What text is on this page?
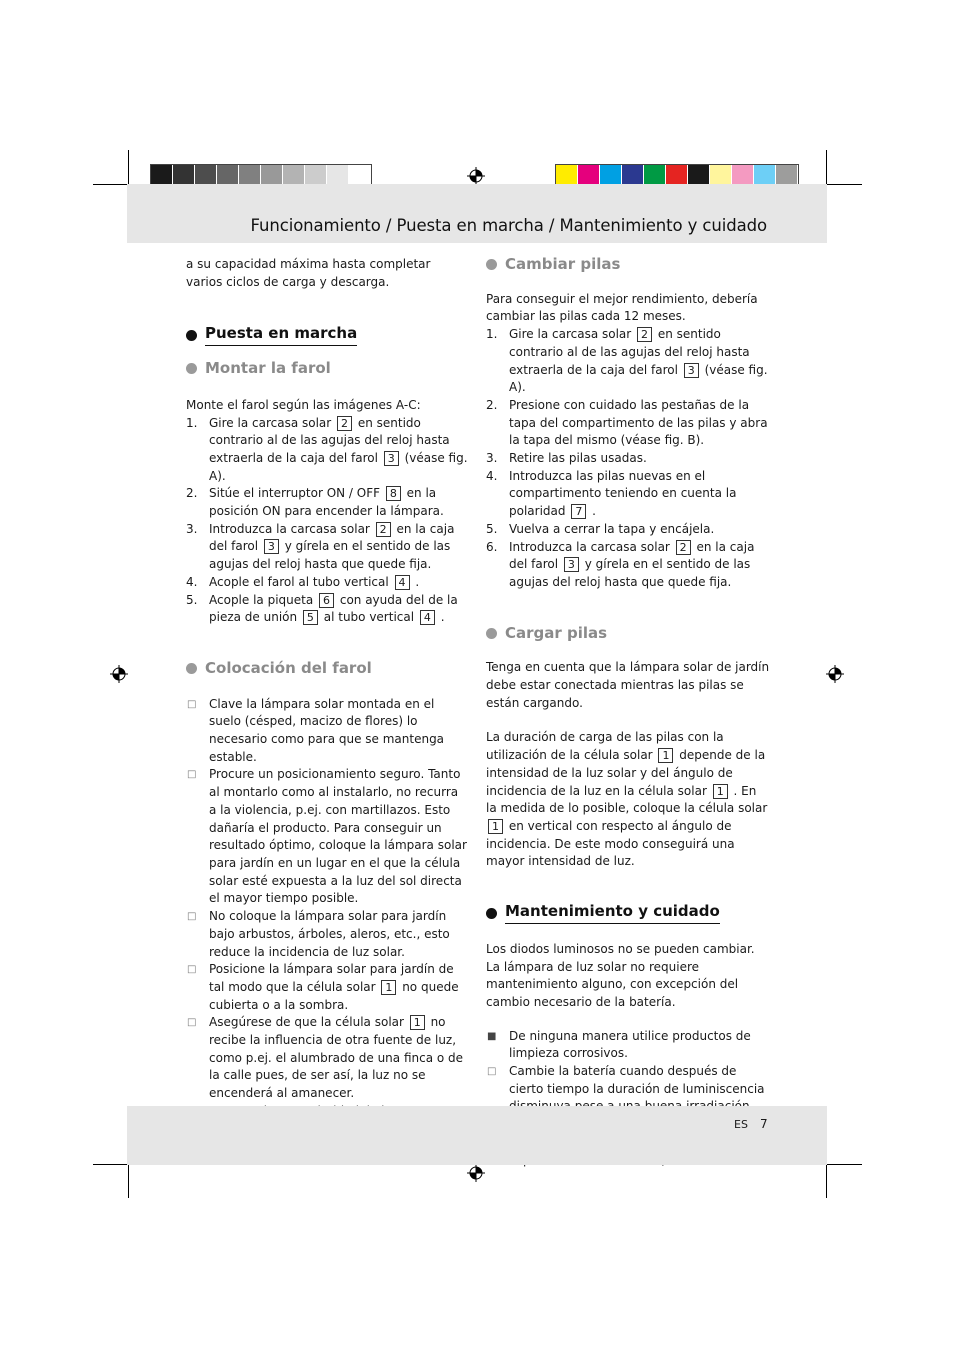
Funcionamiento / Puesta en marcha / Mantenimiento y cuidado

a su capacidad máxima hasta completar varios ciclos de carga y descarga.

Puesta en marcha
Montar la farol

Monte el farol según las imágenes A-C:

1. Gire la carcasa solar 2 en sentido contrario al de las agujas del reloj hasta extraerla de la caja del farol 3 (véase fig. A).
2. Sitúe el interruptor ON / OFF 8 en la posición ON para encender la lámpara.
3. Introduzca la carcasa solar 2 en la caja del farol 3 y gírela en el sentido de las agujas del reloj hasta que quede fija.
4. Acople el farol al tubo vertical 4 .
5. Acople la piqueta 6 con ayuda del de la pieza de unión 5 al tubo vertical 4 .
Colocación del farol
□ Clave la lámpara solar montada en el suelo (césped, macizo de flores) lo necesario como para que se mantenga estable.
□ Procure un posicionamiento seguro. Tanto al montarlo como al instalarlo, no recurra a la violencia, p.ej. con martillazos. Esto dañaría el producto. Para conseguir un resultado óptimo, coloque la lámpara solar para jardín en un lugar en el que la célula solar esté expuesta a la luz del sol directa el mayor tiempo posible.
□ No coloque la lámpara solar para jardín bajo arbustos, árboles, aleros, etc., esto reduce la incidencia de luz solar.
□ Posicione la lámpara solar para jardín de tal modo que la célula solar 1 no quede cubierta o a la sombra.
□ Asegúrese de que la célula solar 1 no recibe la influencia de otra fuente de luz, como p.ej. el alumbrado de una finca o de la calle pues, de ser así, la luz no se encenderá al amanecer.
Cambiar pilas

Para conseguir el mejor rendimiento, debería cambiar las pilas cada 12 meses.

1. Gire la carcasa solar 2 en sentido contrario al de las agujas del reloj hasta extraerla de la caja del farol 3 (véase fig. A).
2. Presione con cuidado las pestañas de la tapa del compartimento de las pilas y abra la tapa del mismo (véase fig. B).
3. Retire las pilas usadas.
4. Introduzca las pilas nuevas en el compartimento teniendo en cuenta la polaridad 7 .
5. Vuelva a cerrar la tapa y encájela.
6. Introduzca la carcasa solar 2 en la caja del farol 3 y gírela en el sentido de las agujas del reloj hasta que quede fija.
Cargar pilas

Tenga en cuenta que la lámpara solar de jardín debe estar conectada mientras las pilas se están cargando.

La duración de carga de las pilas con la utilización de la célula solar 1 depende de la intensidad de la luz solar y del ángulo de incidencia de la luz en la célula solar 1 . En la medida de lo posible, coloque la célula solar 1 en vertical con respecto al ángulo de incidencia. De este modo conseguirá una mayor intensidad de luz.

Mantenimiento y cuidado

Los diodos luminosos no se pueden cambiar. La lámpara de luz solar no requiere mantenimiento alguno, con excepción del cambio necesario de la batería.

■ De ninguna manera utilice productos de limpieza corrosivos.
□ Cambie la batería cuando después de cierto tiempo la duración de luminiscencia
ES 7
